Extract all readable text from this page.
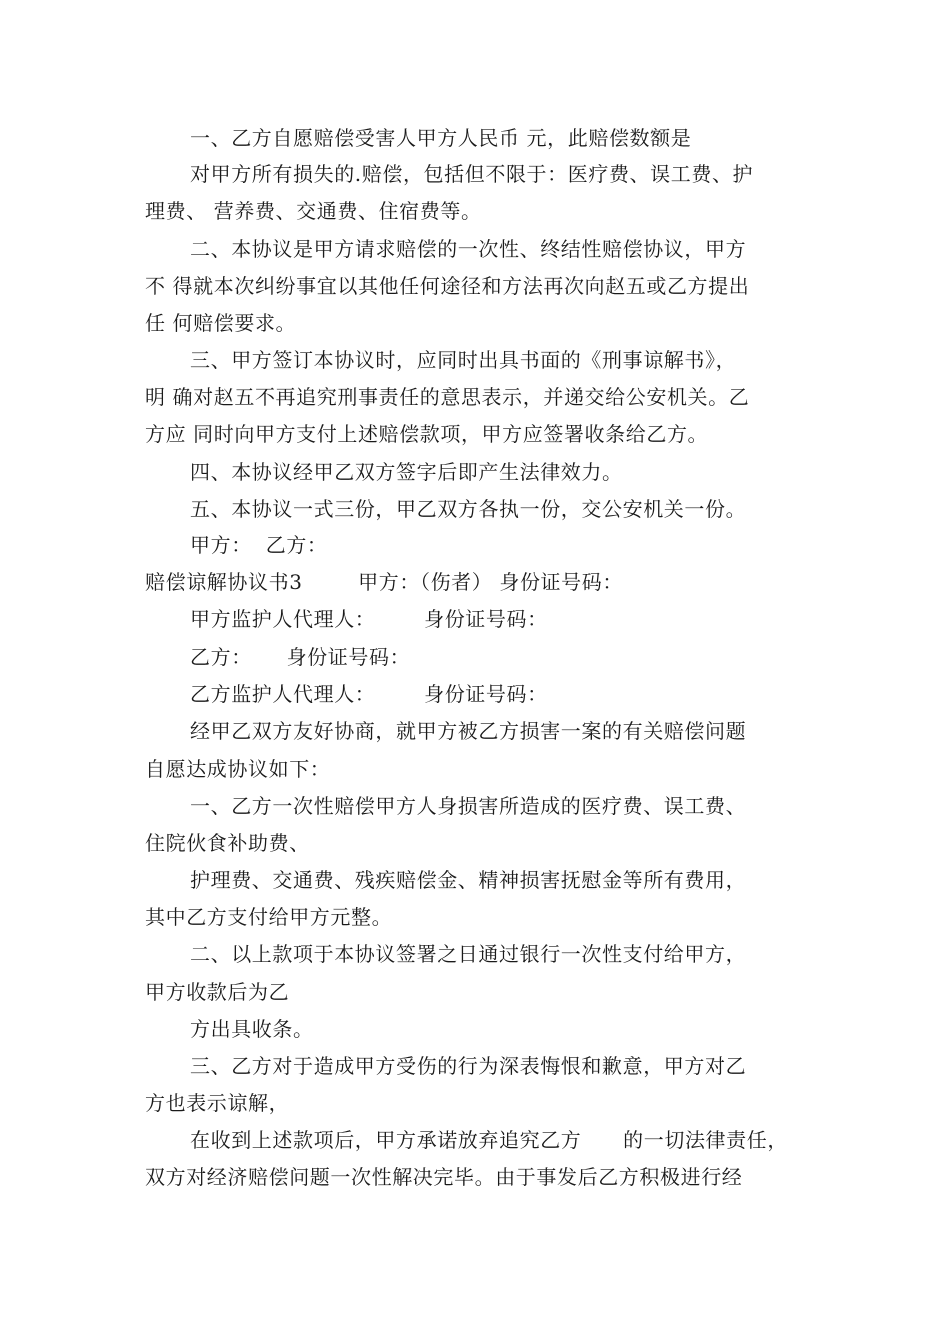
一、乙方自愿赔偿受害人甲方人民币 元，此赔偿数额是
对甲方所有损失的.赔偿，包括但不限于：医疗费、误工费、护
理费、 营养费、交通费、住宿费等。
二、本协议是甲方请求赔偿的一次性、终结性赔偿协议，甲方
不 得就本次纠纷事宜以其他任何途径和方法再次向赵五或乙方提出
任 何赔偿要求。
三、甲方签订本协议时，应同时出具书面的《刑事谅解书》，
明 确对赵五不再追究刑事责任的意思表示，并递交给公安机关。乙
方应 同时向甲方支付上述赔偿款项，甲方应签署收条给乙方。
四、本协议经甲乙双方签字后即产生法律效力。
五、本协议一式三份，甲乙双方各执一份，交公安机关一份。
甲方：  乙方：
赔偿谅解协议书3        甲方：（伤者） 身份证号码：
甲方监护人代理人：       身份证号码：
乙方：     身份证号码：
乙方监护人代理人：       身份证号码：
经甲乙双方友好协商，就甲方被乙方损害一案的有关赔偿问题
自愿达成协议如下：
一、乙方一次性赔偿甲方人身损害所造成的医疗费、误工费、
住院伙食补助费、
护理费、交通费、残疾赔偿金、精神损害抚慰金等所有费用，
其中乙方支付给甲方元整。
二、以上款项于本协议签署之日通过银行一次性支付给甲方，
甲方收款后为乙
方出具收条。
三、乙方对于造成甲方受伤的行为深表悔恨和歉意，甲方对乙
方也表示谅解，
在收到上述款项后，甲方承诺放弃追究乙方      的一切法律责任，
双方对经济赔偿问题一次性解决完毕。由于事发后乙方积极进行经
